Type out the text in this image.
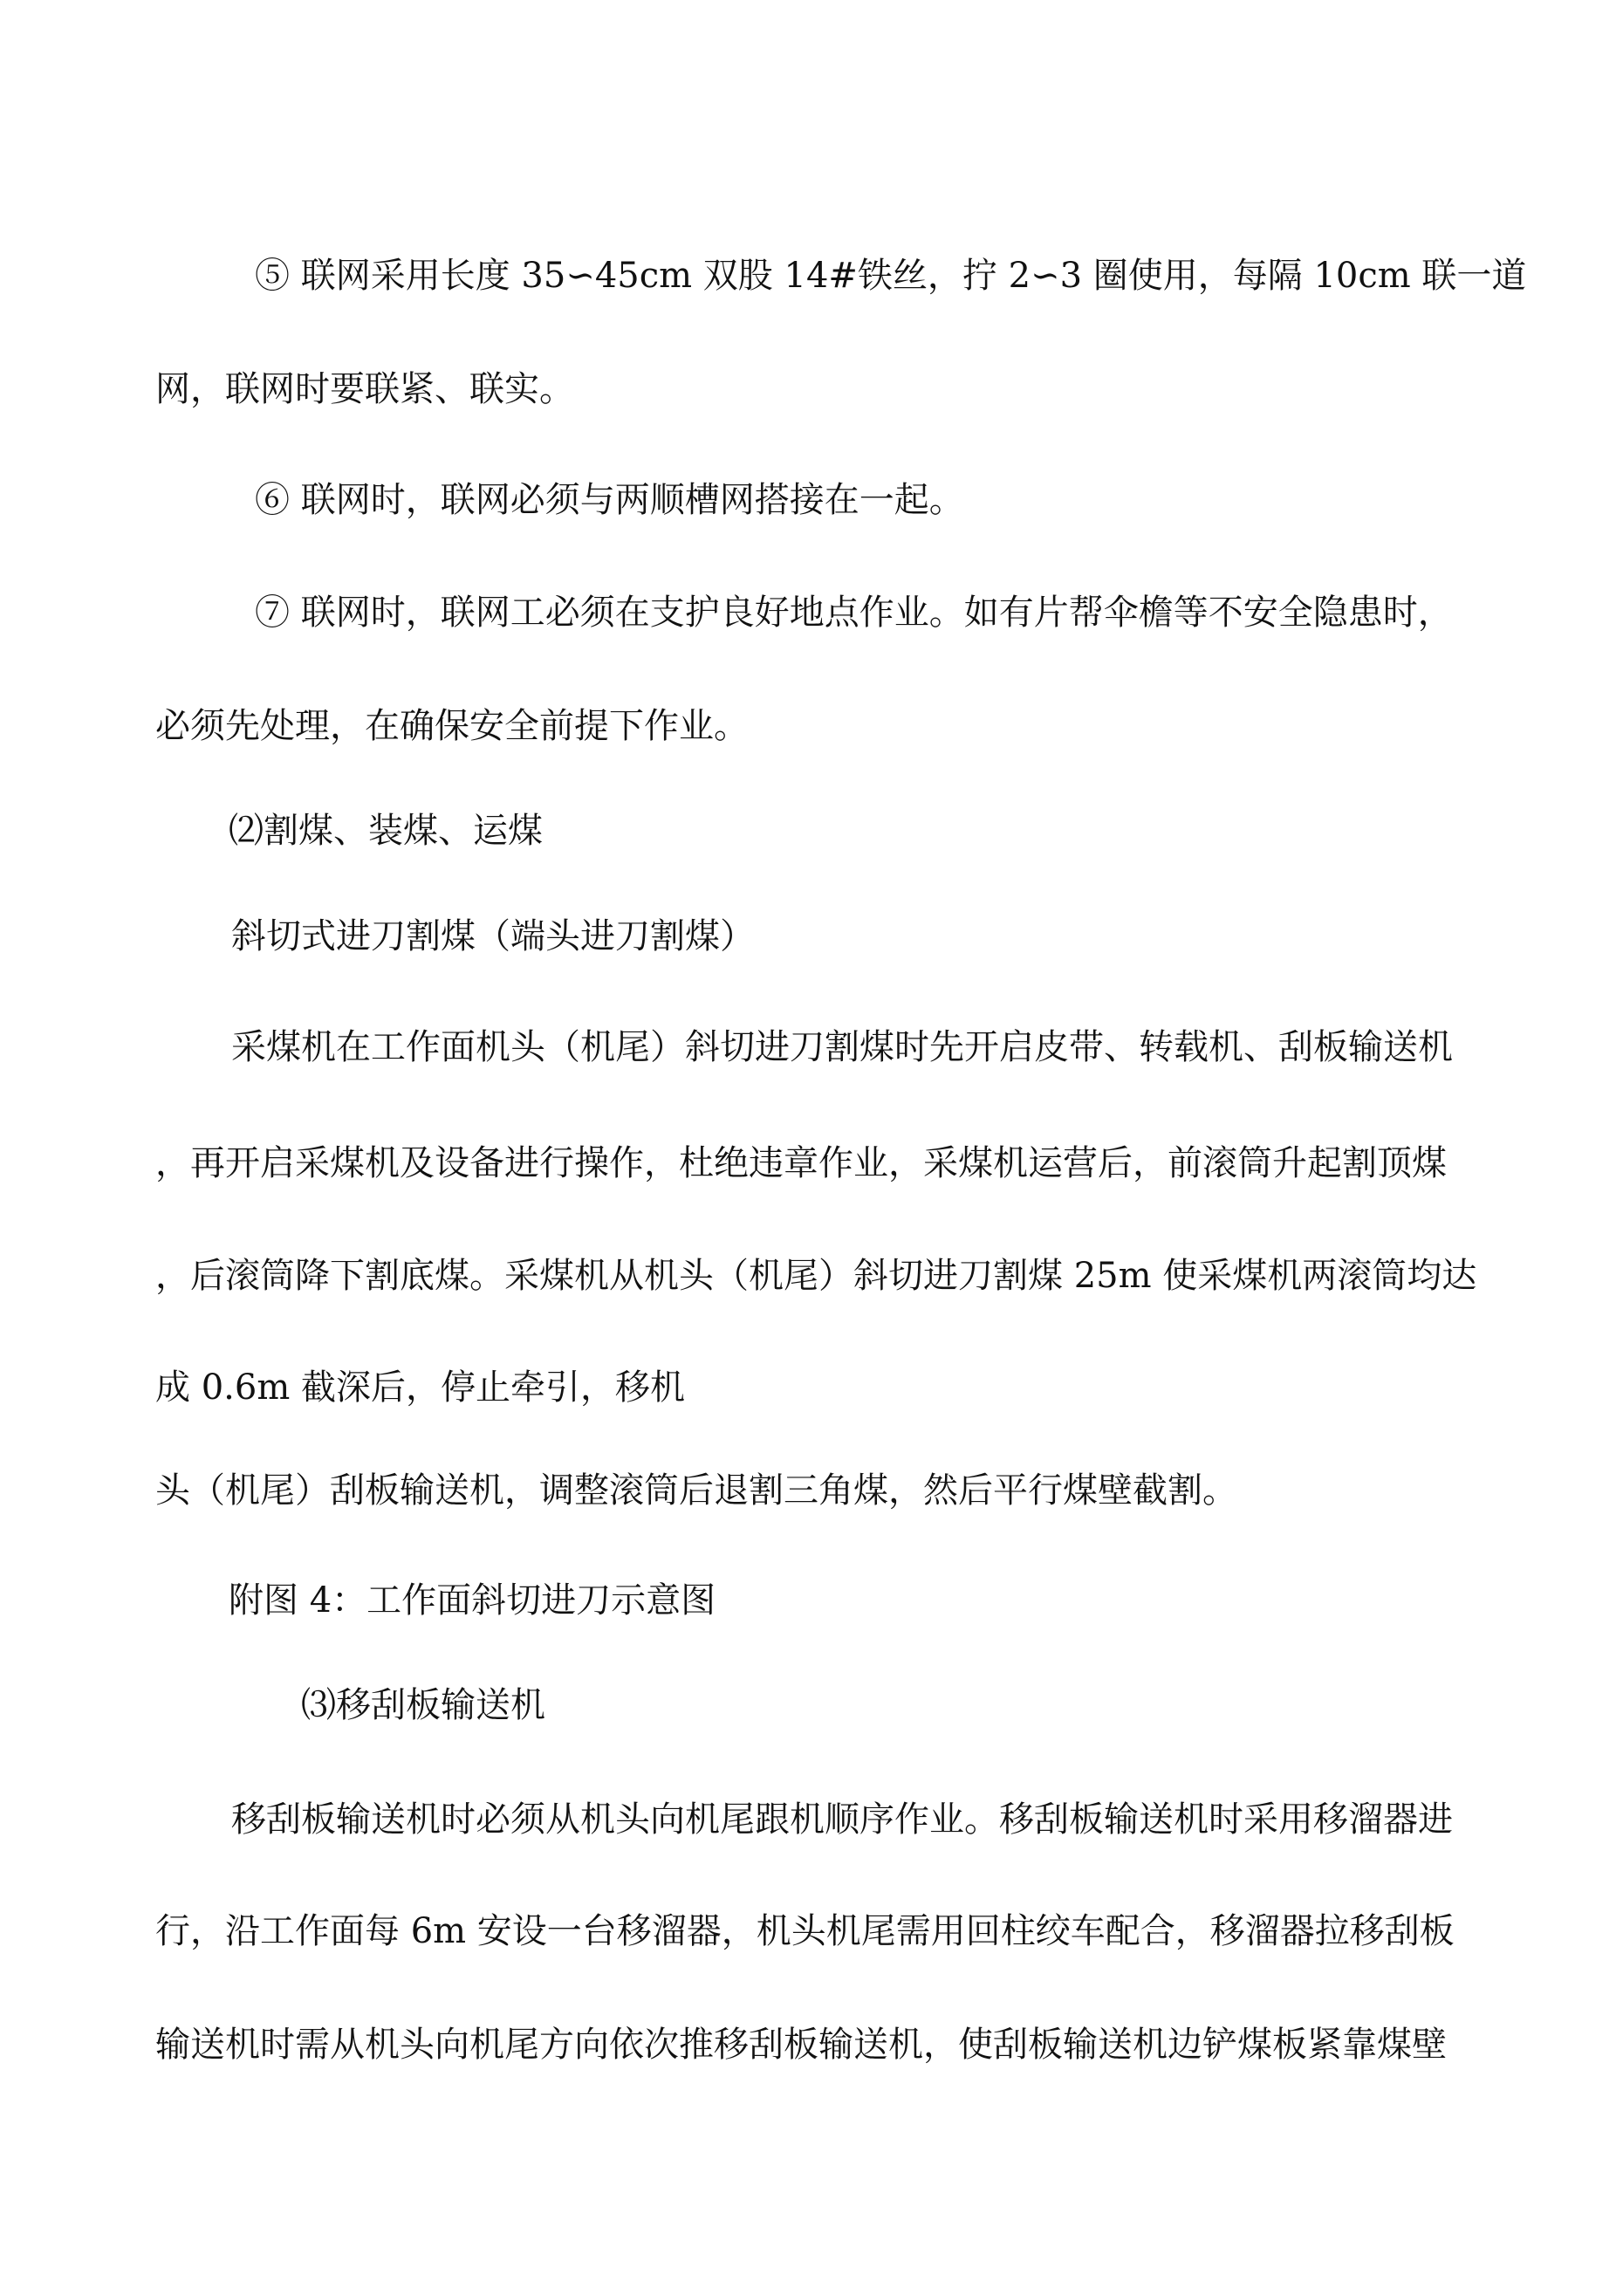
⑤ 联网采用长度 35∽45cm 双股 14#铁丝，拧 2∽3 圈使用，每隔 10cm 联一道
网，联网时要联紧、联实。
⑥ 联网时，联网必须与两顺槽网搭接在一起。
⑦ 联网时，联网工必须在支护良好地点作业。如有片帮伞檐等不安全隐患时，
必须先处理，在确保安全前提下作业。
⑵割煤、装煤、运煤
斜切式进刀割煤（端头进刀割煤）
采煤机在工作面机头（机尾）斜切进刀割煤时先开启皮带、转载机、刮板输送机
，再开启采煤机及设备进行操作，杜绝违章作业，采煤机运营后，前滚筒升起割顶煤
，后滚筒降下割底煤。采煤机从机头（机尾）斜切进刀割煤 25m 使采煤机两滚筒均达
成 0.6m 截深后，停止牵引，移机
头（机尾）刮板输送机，调整滚筒后退割三角煤，然后平行煤壁截割。
附图 4：工作面斜切进刀示意图
⑶移刮板输送机
移刮板输送机时必须从机头向机尾跟机顺序作业。移刮板输送机时采用移溜器进
行，沿工作面每 6m 安设一台移溜器，机头机尾需用回柱绞车配合，移溜器拉移刮板
输送机时需从机头向机尾方向依次推移刮板输送机，使刮板输送机边铲煤板紧靠煤壁
